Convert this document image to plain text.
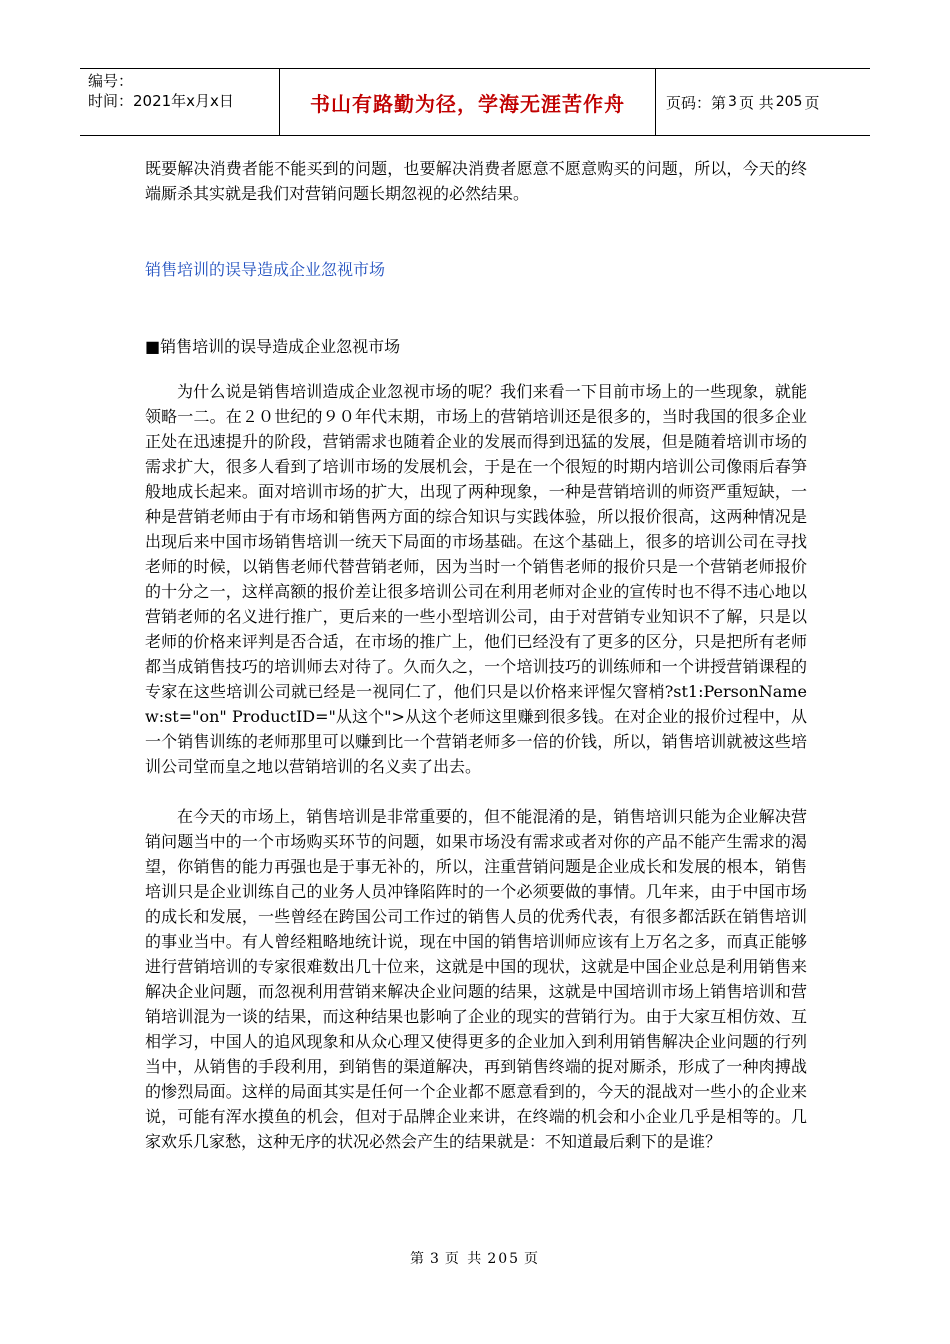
编号：
时间：2021年x月x日	书山有路勤为径，学海无涯苦作舟	页码：第 3 页 共 205 页

既要解决消费者能不能买到的问题，也要解决消费者愿意不愿意购买的问题，所以，今天的终端厮杀其实就是我们对营销问题长期忽视的必然结果。

销售培训的误导造成企业忽视市场

■销售培训的误导造成企业忽视市场

为什么说是销售培训造成企业忽视市场的呢？我们来看一下目前市场上的一些现象，就能领略一二。在２０世纪的９０年代末期，市场上的营销培训还是很多的，当时我国的很多企业正处在迅速提升的阶段，营销需求也随着企业的发展而得到迅猛的发展，但是随着培训市场的需求扩大，很多人看到了培训市场的发展机会，于是在一个很短的时期内培训公司像雨后春笋般地成长起来。面对培训市场的扩大，出现了两种现象，一种是营销培训的师资严重短缺，一种是营销老师由于有市场和销售两方面的综合知识与实践体验，所以报价很高，这两种情况是出现后来中国市场销售培训一统天下局面的市场基础。在这个基础上，很多的培训公司在寻找老师的时候，以销售老师代替营销老师，因为当时一个销售老师的报价只是一个营销老师报价的十分之一，这样高额的报价差让很多培训公司在利用老师对企业的宣传时也不得不违心地以营销老师的名义进行推广，更后来的一些小型培训公司，由于对营销专业知识不了解，只是以老师的价格来评判是否合适，在市场的推广上，他们已经没有了更多的区分，只是把所有老师都当成销售技巧的培训师去对待了。久而久之，一个培训技巧的训练师和一个讲授营销课程的专家在这些培训公司就已经是一视同仁了，他们只是以价格来评惺欠窨梢?st1:PersonName w:st="on" ProductID="从这个">从这个老师这里赚到很多钱。在对企业的报价过程中，从一个销售训练的老师那里可以赚到比一个营销老师多一倍的价钱，所以，销售培训就被这些培训公司堂而皇之地以营销培训的名义卖了出去。

在今天的市场上，销售培训是非常重要的，但不能混淆的是，销售培训只能为企业解决营销问题当中的一个市场购买环节的问题，如果市场没有需求或者对你的产品不能产生需求的渴望，你销售的能力再强也是于事无补的，所以，注重营销问题是企业成长和发展的根本，销售培训只是企业训练自己的业务人员冲锋陷阵时的一个必须要做的事情。几年来，由于中国市场的成长和发展，一些曾经在跨国公司工作过的销售人员的优秀代表，有很多都活跃在销售培训的事业当中。有人曾经粗略地统计说，现在中国的销售培训师应该有上万名之多，而真正能够进行营销培训的专家很难数出几十位来，这就是中国的现状，这就是中国企业总是利用销售来解决企业问题，而忽视利用营销来解决企业问题的结果，这就是中国培训市场上销售培训和营销培训混为一谈的结果，而这种结果也影响了企业的现实的营销行为。由于大家互相仿效、互相学习，中国人的追风现象和从众心理又使得更多的企业加入到利用销售解决企业问题的行列当中，从销售的手段利用，到销售的渠道解决，再到销售终端的捉对厮杀，形成了一种肉搏战的惨烈局面。这样的局面其实是任何一个企业都不愿意看到的，今天的混战对一些小的企业来说，可能有浑水摸鱼的机会，但对于品牌企业来讲，在终端的机会和小企业几乎是相等的。几家欢乐几家愁，这种无序的状况必然会产生的结果就是：不知道最后剩下的是谁？

第 3 页 共 205 页
